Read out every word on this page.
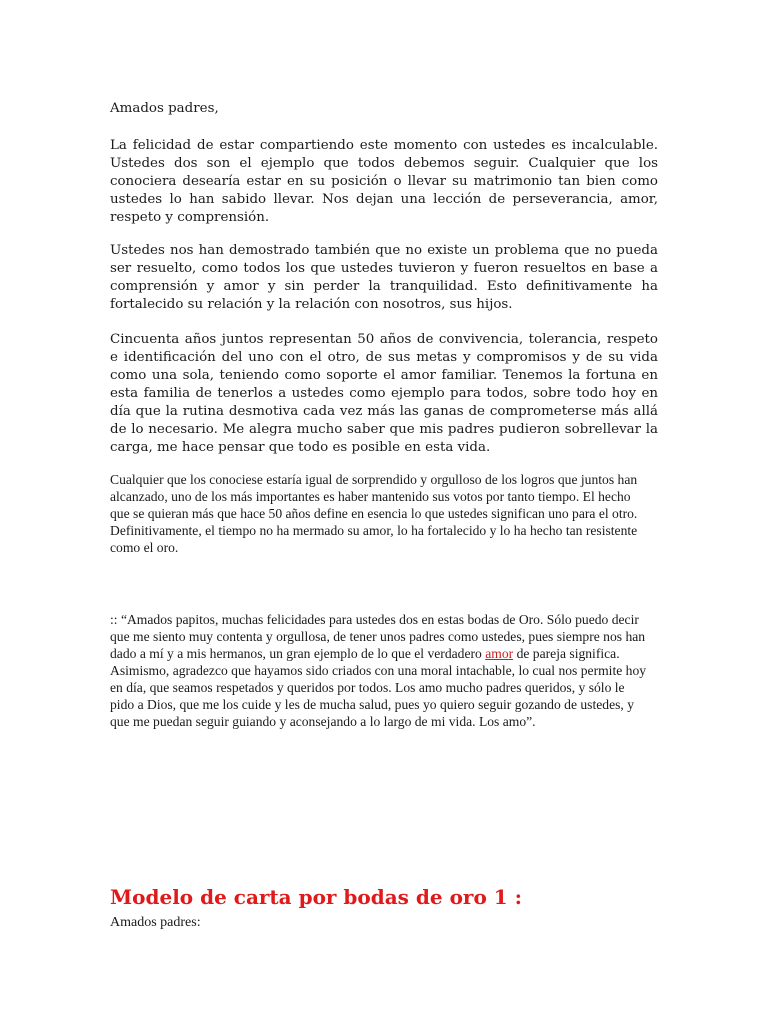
Amados padres,

La felicidad de estar compartiendo este momento con ustedes es incalculable. Ustedes dos son el ejemplo que todos debemos seguir. Cualquier que los conociera desearía estar en su posición o llevar su matrimonio tan bien como ustedes lo han sabido llevar. Nos dejan una lección de perseverancia, amor, respeto y comprensión.

Ustedes nos han demostrado también que no existe un problema que no pueda ser resuelto, como todos los que ustedes tuvieron y fueron resueltos en base a comprensión y amor y sin perder la tranquilidad. Esto definitivamente ha fortalecido su relación y la relación con nosotros, sus hijos.

Cincuenta años juntos representan 50 años de convivencia, tolerancia, respeto e identificación del uno con el otro, de sus metas y compromisos y de su vida como una sola, teniendo como soporte el amor familiar. Tenemos la fortuna en esta familia de tenerlos a ustedes como ejemplo para todos, sobre todo hoy en día que la rutina desmotiva cada vez más las ganas de comprometerse más allá de lo necesario. Me alegra mucho saber que mis padres pudieron sobrellevar la carga, me hace pensar que todo es posible en esta vida.

Cualquier que los conociese estaría igual de sorprendido y orgulloso de los logros que juntos han alcanzado, uno de los más importantes es haber mantenido sus votos por tanto tiempo. El hecho que se quieran más que hace 50 años define en esencia lo que ustedes significan uno para el otro. Definitivamente, el tiempo no ha mermado su amor, lo ha fortalecido y lo ha hecho tan resistente como el oro.

:: “Amados papitos, muchas felicidades para ustedes dos en estas bodas de Oro. Sólo puedo decir que me siento muy contenta y orgullosa, de tener unos padres como ustedes, pues siempre nos han dado a mí y a mis hermanos, un gran ejemplo de lo que el verdadero amor de pareja significa. Asimismo, agradezco que hayamos sido criados con una moral intachable, lo cual nos permite hoy en día, que seamos respetados y queridos por todos. Los amo mucho padres queridos, y sólo le pido a Dios, que me los cuide y les de mucha salud, pues yo quiero seguir gozando de ustedes, y que me puedan seguir guiando y aconsejando a lo largo de mi vida. Los amo”.

Modelo de carta por bodas de oro 1 :

Amados padres:
